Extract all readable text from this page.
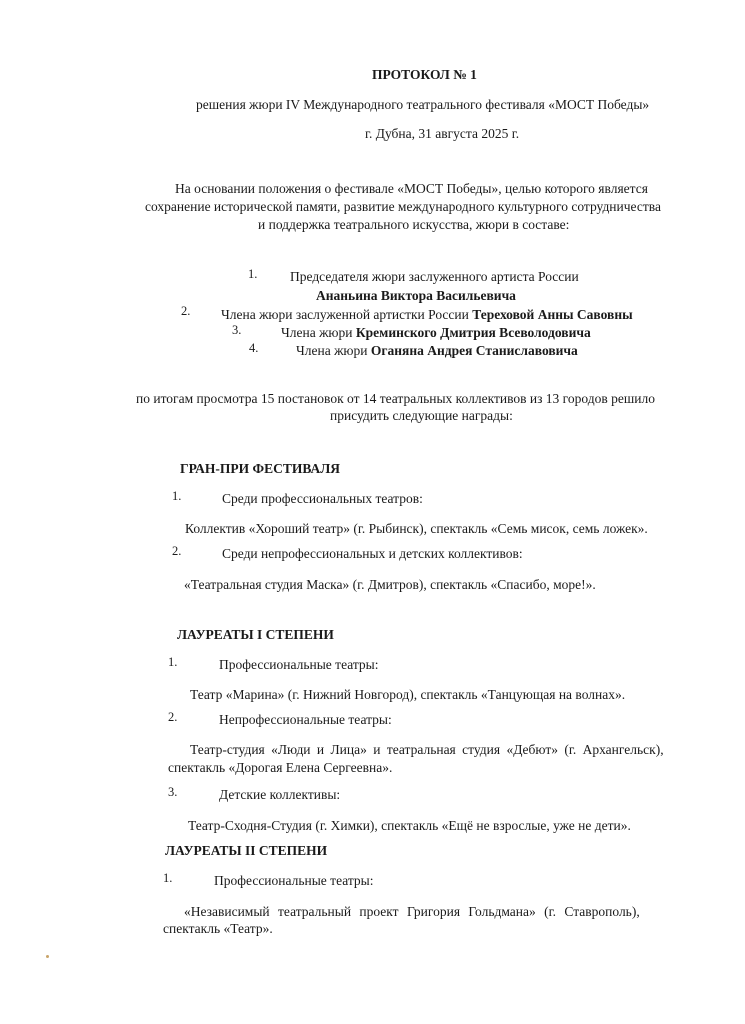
ПРОТОКОЛ № 1
решения жюри IV Международного театрального фестиваля «МОСТ Победы»
г. Дубна, 31 августа 2025 г.
На основании положения о фестивале «МОСТ Победы», целью которого является
сохранение исторической памяти, развитие международного культурного сотрудничества
и поддержка театрального искусства, жюри в составе:
1. Председателя жюри заслуженного артиста России
Ананьина Виктора Васильевича
2. Члена жюри заслуженной артистки России Тереховой Анны Савовны
3.	Члена жюри Креминского Дмитрия Всеволодовича
4.	Члена жюри Оганяна Андрея Станиславовича
по итогам просмотра 15 постановок от 14 театральных коллективов из 13 городов решило
присудить следующие награды:
ГРАН-ПРИ ФЕСТИВАЛЯ
1.	Среди профессиональных театров:
Коллектив «Хороший театр» (г. Рыбинск), спектакль «Семь мисок, семь ложек».
2.	Среди непрофессиональных и детских коллективов:
«Театральная студия Маска» (г. Дмитров), спектакль «Спасибо, море!».
ЛАУРЕАТЫ I СТЕПЕНИ
1.	Профессиональные театры:
Театр «Марина» (г. Нижний Новгород), спектакль «Танцующая на волнах».
2.	Непрофессиональные театры:
Театр-студия «Люди и Лица» и театральная студия «Дебют» (г. Архангельск),
спектакль «Дорогая Елена Сергеевна».
3.	Детские коллективы:
Театр-Сходня-Студия (г. Химки), спектакль «Ещё не взрослые, уже не дети».
ЛАУРЕАТЫ II СТЕПЕНИ
1.	Профессиональные театры:
«Независимый театральный проект Григория Гольдмана» (г. Ставрополь),
спектакль «Театр».
